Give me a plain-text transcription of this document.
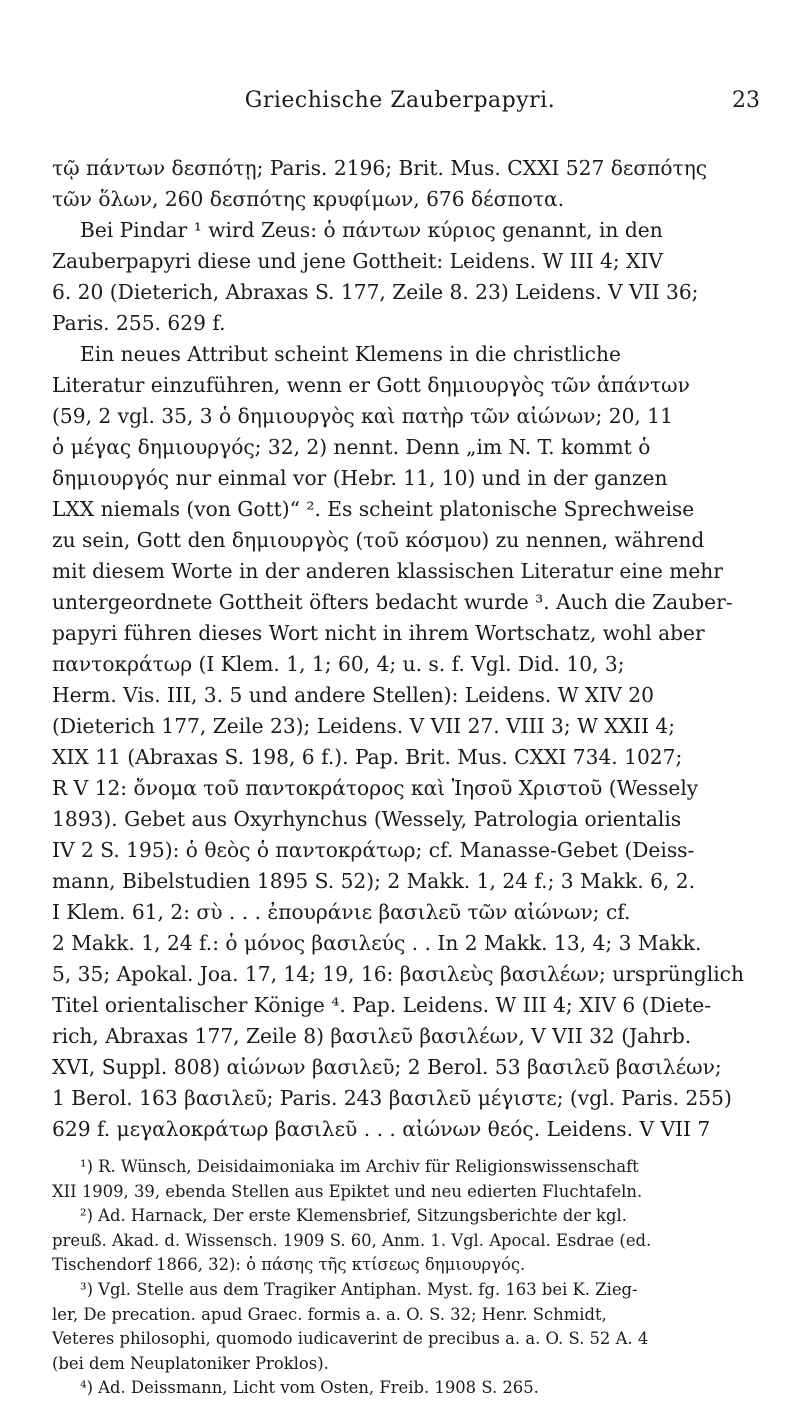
Griechische Zauberpapyri.	23
τῷ πάντων δεσπότῃ; Paris. 2196; Brit. Mus. CXXI 527 δεσπότης
τῶν ὅλων, 260 δεσπότης κρυφίμων, 676 δέσποτα.
Bei Pindar ¹ wird Zeus: ὁ πάντων κύριος genannt, in den
Zauberpapyri diese und jene Gottheit: Leidens. W III 4; XIV
6. 20 (Dieterich, Abraxas S. 177, Zeile 8. 23) Leidens. V VII 36;
Paris. 255. 629 f.
Ein neues Attribut scheint Klemens in die christliche
Literatur einzuführen, wenn er Gott δημιουργὸς τῶν ἁπάντων
(59, 2 vgl. 35, 3 ὁ δημιουργὸς καὶ πατὴρ τῶν αἰώνων; 20, 11
ὁ μέγας δημιουργός; 32, 2) nennt. Denn „im N. T. kommt ὁ
δημιουργός nur einmal vor (Hebr. 11, 10) und in der ganzen
LXX niemals (von Gott)“ ². Es scheint platonische Sprechweise
zu sein, Gott den δημιουργὸς (τοῦ κόσμου) zu nennen, während
mit diesem Worte in der anderen klassischen Literatur eine mehr
untergeordnete Gottheit öfters bedacht wurde ³. Auch die Zauber-
papyri führen dieses Wort nicht in ihrem Wortschatz, wohl aber
παντοκράτωρ (I Klem. 1, 1; 60, 4; u. s. f. Vgl. Did. 10, 3;
Herm. Vis. III, 3. 5 und andere Stellen): Leidens. W XIV 20
(Dieterich 177, Zeile 23); Leidens. V VII 27. VIII 3; W XXII 4;
XIX 11 (Abraxas S. 198, 6 f.). Pap. Brit. Mus. CXXI 734. 1027;
R V 12: ὄνομα τοῦ παντοκράτορος καὶ Ἰησοῦ Χριστοῦ (Wessely
1893). Gebet aus Oxyrhynchus (Wessely, Patrologia orientalis
IV 2 S. 195): ὁ θεὸς ὁ παντοκράτωρ; cf. Manasse-Gebet (Deiss-
mann, Bibelstudien 1895 S. 52); 2 Makk. 1, 24 f.; 3 Makk. 6, 2.
I Klem. 61, 2: σὺ . . . ἐπουράνιε βασιλεῦ τῶν αἰώνων; cf.
2 Makk. 1, 24 f.: ὁ μόνος βασιλεύς . . In 2 Makk. 13, 4; 3 Makk.
5, 35; Apokal. Joa. 17, 14; 19, 16: βασιλεὺς βασιλέων; ursprünglich
Titel orientalischer Könige ⁴. Pap. Leidens. W III 4; XIV 6 (Diete-
rich, Abraxas 177, Zeile 8) βασιλεῦ βασιλέων, V VII 32 (Jahrb.
XVI, Suppl. 808) αἰώνων βασιλεῦ; 2 Berol. 53 βασιλεῦ βασιλέων;
1 Berol. 163 βασιλεῦ; Paris. 243 βασιλεῦ μέγιστε; (vgl. Paris. 255)
629 f. μεγαλοκράτωρ βασιλεῦ . . . αἰώνων θεός. Leidens. V VII 7
¹) R. Wünsch, Deisidaimoniaka im Archiv für Religionswissenschaft
XII 1909, 39, ebenda Stellen aus Epiktet und neu edierten Fluchtafeln.
²) Ad. Harnack, Der erste Klemensbrief, Sitzungsberichte der kgl.
preuß. Akad. d. Wissensch. 1909 S. 60, Anm. 1. Vgl. Apocal. Esdrae (ed.
Tischendorf 1866, 32): ὁ πάσης τῆς κτίσεως δημιουργός.
³) Vgl. Stelle aus dem Tragiker Antiphan. Myst. fg. 163 bei K. Zieg-
ler, De precation. apud Graec. formis a. a. O. S. 32; Henr. Schmidt,
Veteres philosophi, quomodo iudicaverint de precibus a. a. O. S. 52 A. 4
(bei dem Neuplatoniker Proklos).
⁴) Ad. Deissmann, Licht vom Osten, Freib. 1908 S. 265.
